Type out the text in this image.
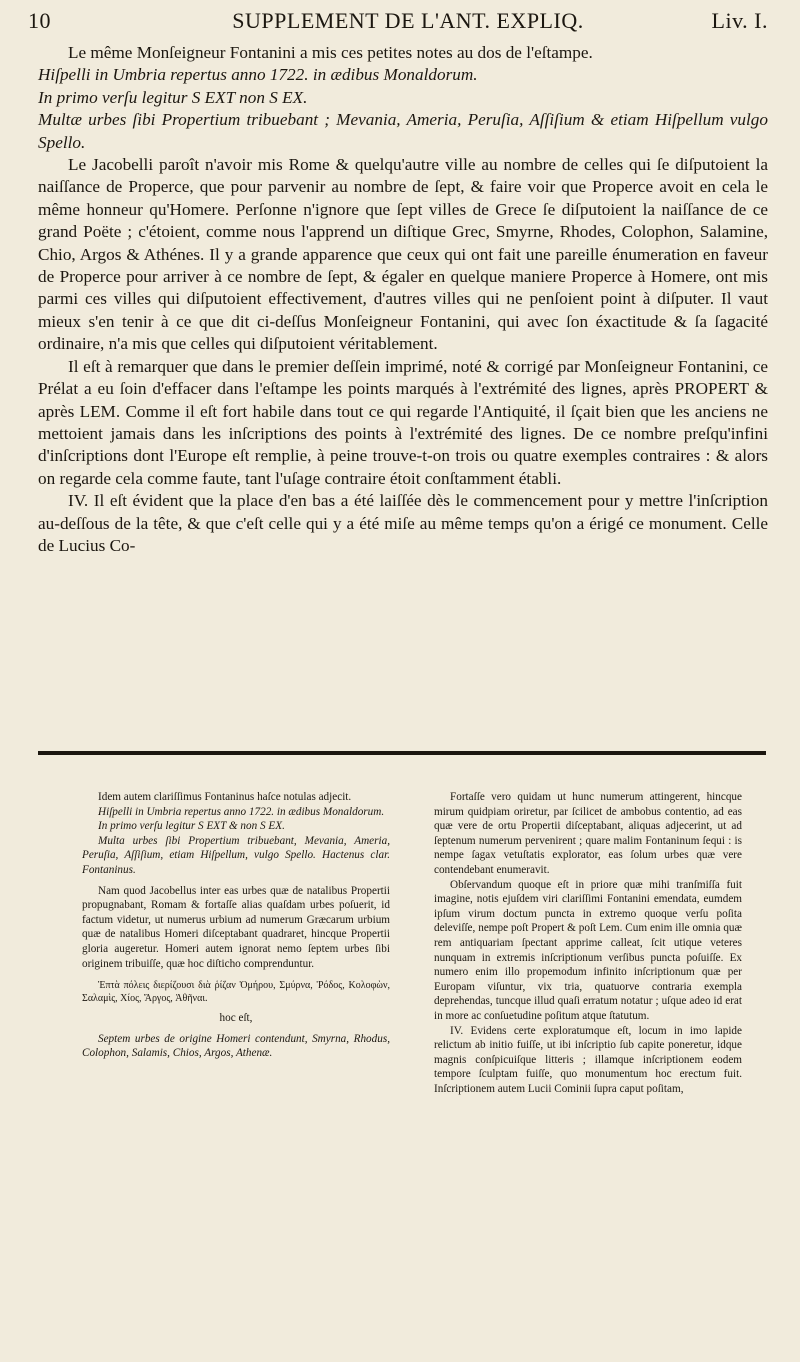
10	SUPPLEMENT DE L'ANT. EXPLIQ.	Liv. I.

Le même Monſeigneur Fontanini a mis ces petites notes au dos de l'eſtampe.

Hiſpelli in Umbria repertus anno 1722. in ædibus Monaldorum.

In primo verſu legitur S EXT non S EX.

Multæ urbes ſibi Propertium tribuebant ; Mevania, Ameria, Peruſia, Aſſiſium & etiam Hiſpellum vulgo Spello.

Le Jacobelli paroît n'avoir mis Rome & quelqu'autre ville au nombre de celles qui ſe diſputoient la naiſſance de Properce, que pour parvenir au nombre de ſept, & faire voir que Properce avoit en cela le même honneur qu'Homere. Perſonne n'ignore que ſept villes de Grece ſe diſputoient la naiſſance de ce grand Poëte ; c'étoient, comme nous l'apprend un diſtique Grec, Smyrne, Rhodes, Colophon, Salamine, Chio, Argos & Athénes. Il y a grande apparence que ceux qui ont fait une pareille énumeration en faveur de Properce pour arriver à ce nombre de ſept, & égaler en quelque maniere Properce à Homere, ont mis parmi ces villes qui diſputoient effectivement, d'autres villes qui ne penſoient point à diſputer. Il vaut mieux s'en tenir à ce que dit ci-deſſus Monſeigneur Fontanini, qui avec ſon éxactitude & ſa ſagacité ordinaire, n'a mis que celles qui diſputoient véritablement.

Il eſt à remarquer que dans le premier deſſein imprimé, noté & corrigé par Monſeigneur Fontanini, ce Prélat a eu ſoin d'effacer dans l'eſtampe les points marqués à l'extrémité des lignes, après PROPERT & après LEM. Comme il eſt fort habile dans tout ce qui regarde l'Antiquité, il ſçait bien que les anciens ne mettoient jamais dans les inſcriptions des points à l'extrémité des lignes. De ce nombre preſqu'infini d'inſcriptions dont l'Europe eſt remplie, à peine trouve-t-on trois ou quatre exemples contraires : & alors on regarde cela comme faute, tant l'uſage contraire étoit conſtamment établi.

IV. Il eſt évident que la place d'en bas a été laiſſée dès le commencement pour y mettre l'inſcription au-deſſous de la tête, & que c'eſt celle qui y a été miſe au même temps qu'on a érigé ce monument. Celle de Lucius Co-

Idem autem clariſſimus Fontaninus haſce notulas adjecit.

Hiſpelli in Umbria repertus anno 1722. in ædibus Monaldorum.

In primo verſu legitur S EXT & non S EX.

Multa urbes ſibi Propertium tribuebant, Mevania, Ameria, Peruſia, Aſſiſium, etiam Hiſpellum, vulgo Spello. Hactenus clar. Fontaninus.

Nam quod Jacobellus inter eas urbes quæ de natalibus Propertii propugnabant, Romam & fortaſſe alias quaſdam urbes poſuerit, id factum videtur, ut numerus urbium ad numerum Græcarum urbium quæ de natalibus Homeri diſceptabant quadraret, hincque Propertii gloria augeretur. Homeri autem ignorat nemo ſeptem urbes ſibi originem tribuiſſe, quæ hoc diſticho comprenduntur.

Ἑπτὰ πόλεις διερίζουσι διὰ ῥίζαν Ὁμήρου, Σμύρνα, Ῥόδος, Κολοφὼν, Σαλαμὶς, Χίος, Ἄργος, Ἀθῆναι.

hoc eſt,

Septem urbes de origine Homeri contendunt, Smyrna, Rhodus, Colophon, Salamis, Chios, Argos, Athenæ.

Fortaſſe vero quidam ut hunc numerum attingerent, hincque mirum quidpiam oriretur, par ſcilicet de ambobus contentio, ad eas quæ vere de ortu Propertii diſceptabant, aliquas adjecerint, ut ad ſeptenum numerum pervenirent ; quare malim Fontaninum ſequi : is nempe ſagax vetuſtatis explorator, eas ſolum urbes quæ vere contendebant enumeravit.

Obſervandum quoque eſt in priore quæ mihi tranſmiſſa fuit imagine, notis ejuſdem viri clariſſimi Fontanini emendata, eumdem ipſum virum doctum puncta in extremo quoque verſu poſita deleviſſe, nempe poſt Propert & poſt Lem. Cum enim ille omnia quæ rem antiquariam ſpectant apprime calleat, ſcit utique veteres nunquam in extremis inſcriptionum verſibus puncta poſuiſſe. Ex numero enim illo propemodum infinito inſcriptionum quæ per Europam viſuntur, vix tria, quatuorve contraria exempla deprehendas, tuncque illud quaſi erratum notatur ; uſque adeo id erat in more ac conſuetudine poſitum atque ſtatutum.

IV. Evidens certe exploratumque eſt, locum in imo lapide relictum ab initio fuiſſe, ut ibi inſcriptio ſub capite poneretur, idque magnis conſpicuiſque litteris ; illamque inſcriptionem eodem tempore ſculptam fuiſſe, quo monumentum hoc erectum fuit. Inſcriptionem autem Lucii Cominii ſupra caput poſitam,
